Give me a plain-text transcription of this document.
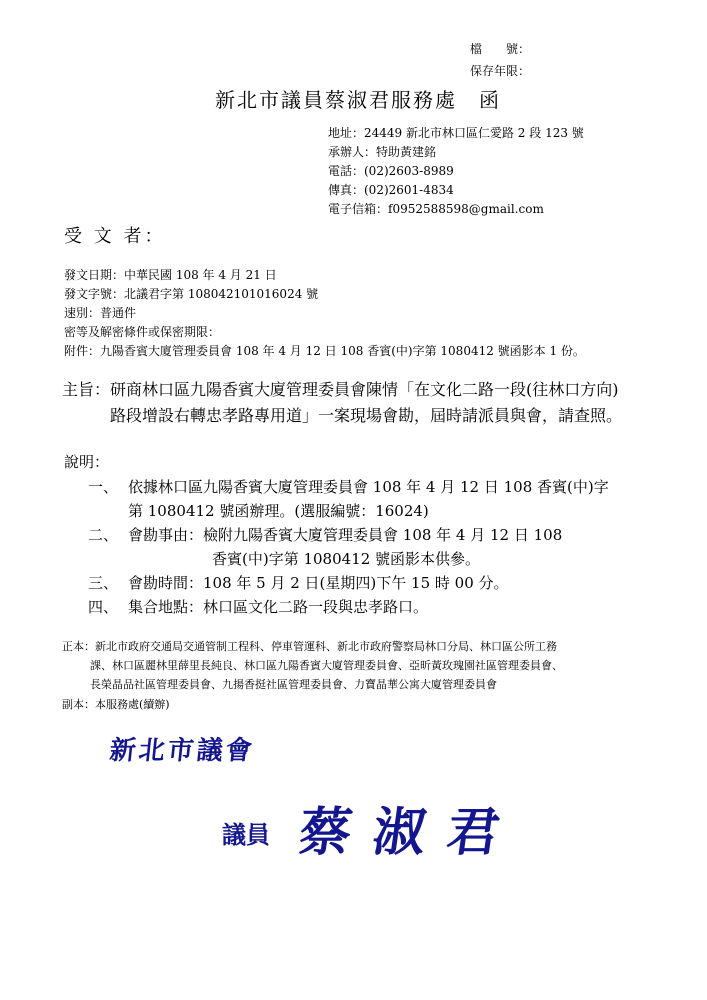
檔　　號：
保存年限：
新北市議員蔡淑君服務處　函
地址：24449 新北市林口區仁愛路 2 段 123 號
承辦人：特助黃建銘
電話：(02)2603-8989
傳真：(02)2601-4834
電子信箱：f0952588598@gmail.com
受 文 者：
發文日期：中華民國 108 年 4 月 21 日
發文字號：北議君字第 108042101016024 號
速別：普通件
密等及解密條件或保密期限：
附件：九陽香賓大廈管理委員會 108 年 4 月 12 日 108 香賓(中)字第 1080412 號函影本 1 份。
主旨：研商林口區九陽香賓大廈管理委員會陳情「在文化二路一段(往林口方向)
路段增設右轉忠孝路專用道」一案現場會勘，屆時請派員與會，請查照。
說明：
一、 依據林口區九陽香賓大廈管理委員會 108 年 4 月 12 日 108 香賓(中)字
第 1080412 號函辦理。(選服編號：16024)
二、 會勘事由：檢附九陽香賓大廈管理委員會 108 年 4 月 12 日 108
香賓(中)字第 1080412 號函影本供參。
三、 會勘時間：108 年 5 月 2 日(星期四)下午 15 時 00 分。
四、 集合地點：林口區文化二路一段與忠孝路口。
正本：新北市政府交通局交通管制工程科、停車管運科、新北市政府警察局林口分局、林口區公所工務
課、林口區麗林里薛里長純良、林口區九陽香賓大廈管理委員會、亞昕黃玫瑰園社區管理委員會、
長榮晶品社區管理委員會、九揚香挺社區管理委員會、力寶晶華公寓大廈管理委員會
副本：本服務處(續辦)
新北市議會
議員 蔡淑君
